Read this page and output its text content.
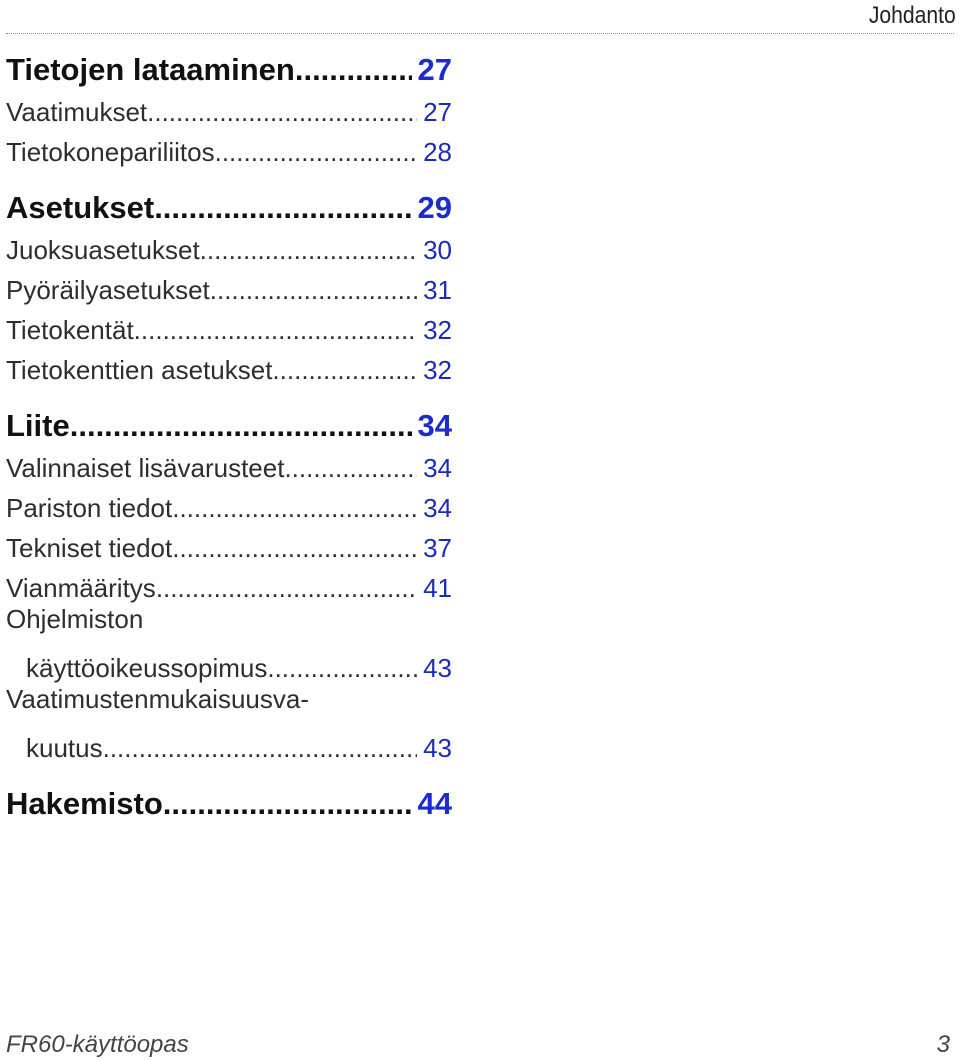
Johdanto
Tietojen lataaminen .....	27
Vaatimukset .....	27
Tietokonepariliitos .....	28
Asetukset .....	29
Juoksuasetukset .....	30
Pyöräilyasetukset .....	31
Tietokentät .....	32
Tietokenttien asetukset .....	32
Liite .....	34
Valinnaiset lisävarusteet .....	34
Pariston tiedot .....	34
Tekniset tiedot .....	37
Vianmääritys .....	41
Ohjelmiston
käyttöoikeussopimus .....	43
Vaatimustenmukaisuusva-
kuutus .....	43
Hakemisto .....	44
FR60-käyttöopas	3
